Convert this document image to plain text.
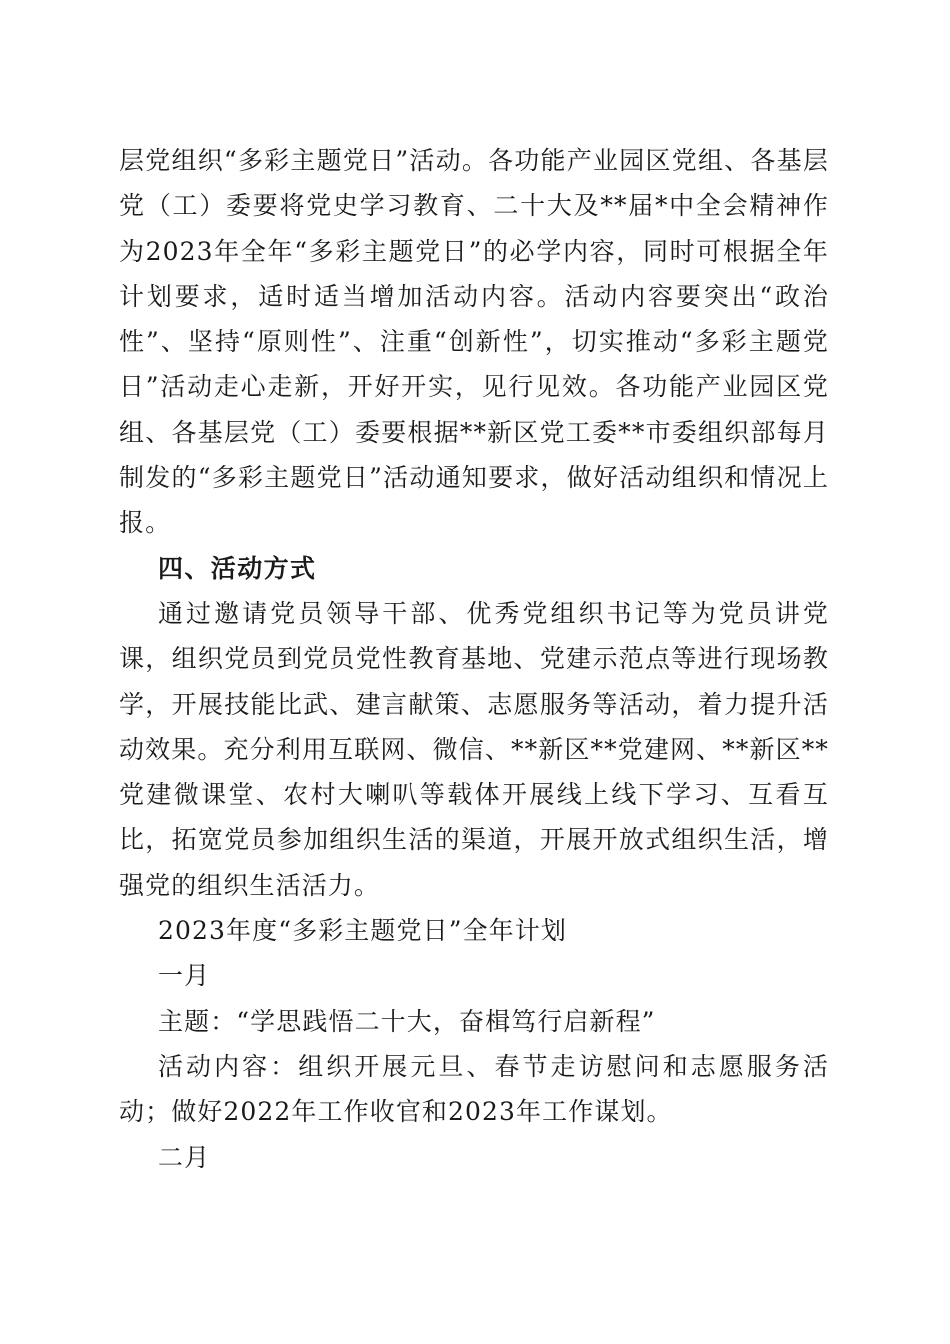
层党组织“多彩主题党日”活动。各功能产业园区党组、各基层党（工）委要将党史学习教育、二十大及**届*中全会精神作为2023年全年“多彩主题党日”的必学内容，同时可根据全年计划要求，适时适当增加活动内容。活动内容要突出“政治性”、坚持“原则性”、注重“创新性”，切实推动“多彩主题党日”活动走心走新，开好开实，见行见效。各功能产业园区党组、各基层党（工）委要根据**新区党工委**市委组织部每月制发的“多彩主题党日”活动通知要求，做好活动组织和情况上报。

四、活动方式

通过邀请党员领导干部、优秀党组织书记等为党员讲党课，组织党员到党员党性教育基地、党建示范点等进行现场教学，开展技能比武、建言献策、志愿服务等活动，着力提升活动效果。充分利用互联网、微信、**新区**党建网、**新区**党建微课堂、农村大喇叭等载体开展线上线下学习、互看互比，拓宽党员参加组织生活的渠道，开展开放式组织生活，增强党的组织生活活力。

2023年度“多彩主题党日”全年计划

一月

主题：“学思践悟二十大，奋楫笃行启新程”

活动内容：组织开展元旦、春节走访慰问和志愿服务活动；做好2022年工作收官和2023年工作谋划。

二月
